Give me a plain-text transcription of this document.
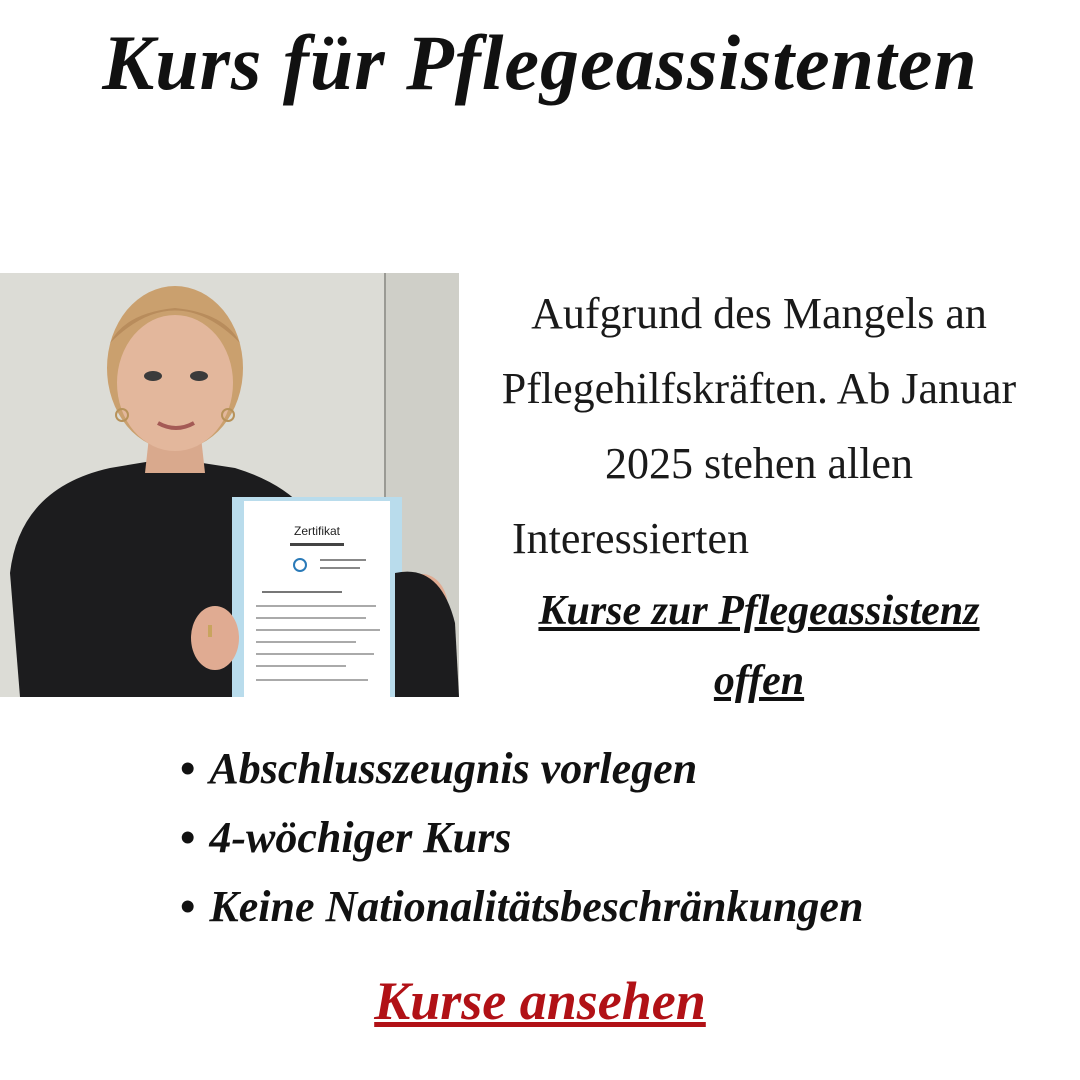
Kurs für Pflegeassistenten
Zertifikat
Aufgrund des Mangels an
Pflegehilfskräften. Ab Januar
2025 stehen allen
Interessierten
Kurse zur Pflegeassistenz
offen
• Abschlusszeugnis vorlegen
• 4-wöchiger Kurs
• Keine Nationalitätsbeschränkungen
Kurse ansehen
